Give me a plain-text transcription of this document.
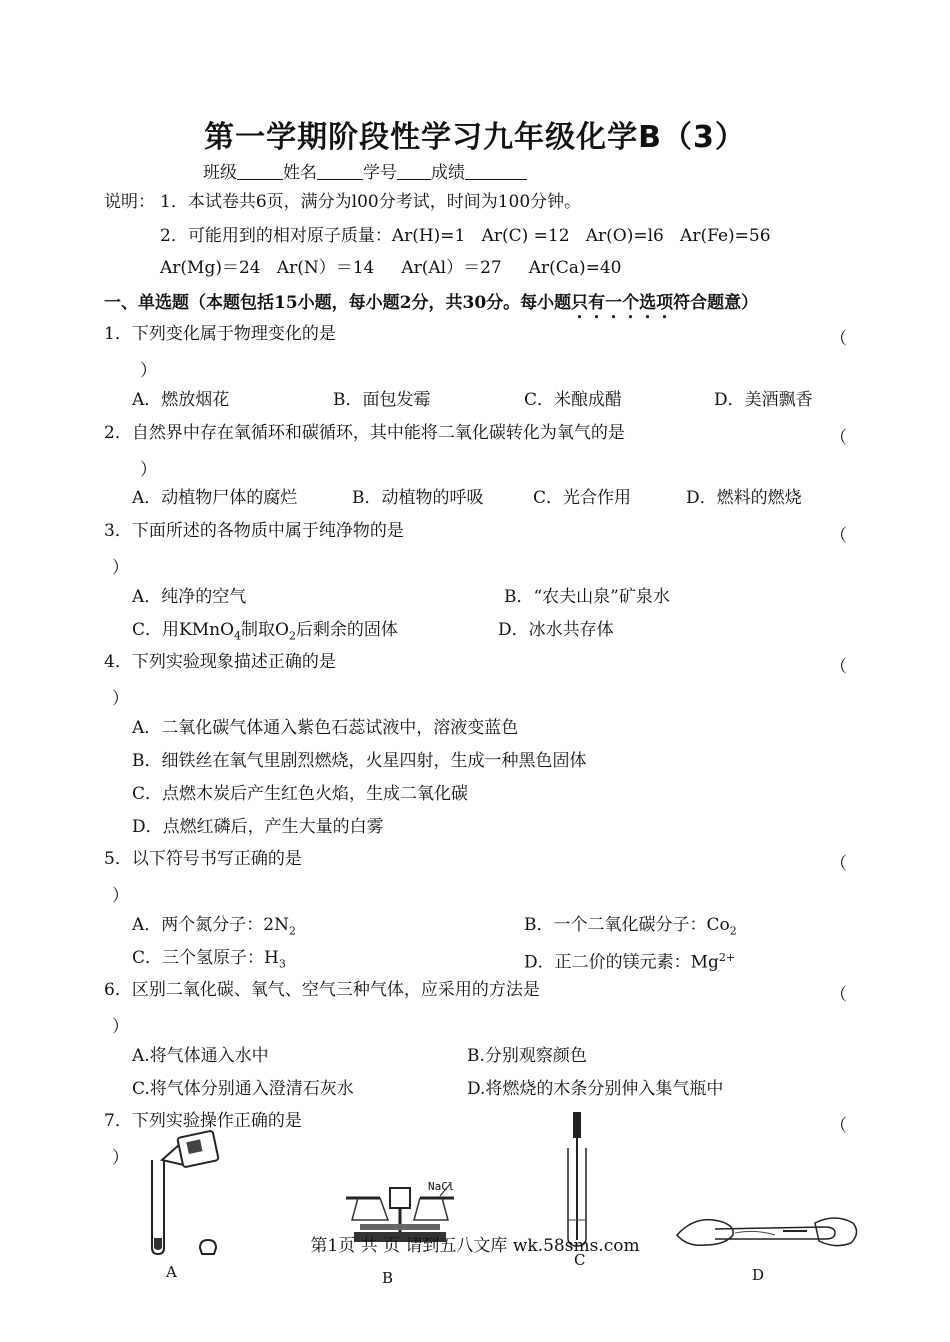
第一学期阶段性学习九年级化学B（3）
班级	姓名	学号 成绩
说明： 1．本试卷共6页，满分为l00分考试，时间为100分钟。
2．可能用到的相对原子质量：Ar(H)=1   Ar(C) =12   Ar(O)=l6   Ar(Fe)=56
Ar(Mg)＝24   Ar(N）＝14     Ar(Al）＝27     Ar(Ca)=40
一、单选题（本题包括15小题，每小题2分，共30分。每小题只有一个选项符合题意）
1．下列变化属于物理变化的是	（
）
A．燃放烟花	B．面包发霉	C．米酿成醋	D．美酒飘香
2．自然界中存在氧循环和碳循环，其中能将二氧化碳转化为氧气的是	（
）
A．动植物尸体的腐烂	B．动植物的呼吸	C．光合作用	D．燃料的燃烧
3．下面所述的各物质中属于纯净物的是	（
）
A．纯净的空气	B．“农夫山泉”矿泉水
C．用KMnO$_4$制取$O_2$后剩余的固体	D．冰水共存体
4．下列实验现象描述正确的是	（
）
A．二氧化碳气体通入紫色石蕊试液中，溶液变蓝色
B．细铁丝在氧气里剧烈燃烧，火星四射，生成一种黑色固体
C．点燃木炭后产生红色火焰，生成二氧化碳
D．点燃红磷后，产生大量的白雾
5．以下符号书写正确的是	（
）
A．两个氮分子：$2N_2$	B．一个二氧化碳分子：$Co_2$
C．三个氢原子：$H_3$	D．正二价的镁元素：$Mg^{2+}$
6．区别二氧化碳、氧气、空气三种气体，应采用的方法是	（
）
A.将气体通入水中	B.分别观察颜色
C.将气体分别通入澄清石灰水	D.将燃烧的木条分别伸入集气瓶中
7．下列实验操作正确的是	（
）
A
NaCl
B
C
D
第1页 共 页 请到五八文库 wk.58sms.com
